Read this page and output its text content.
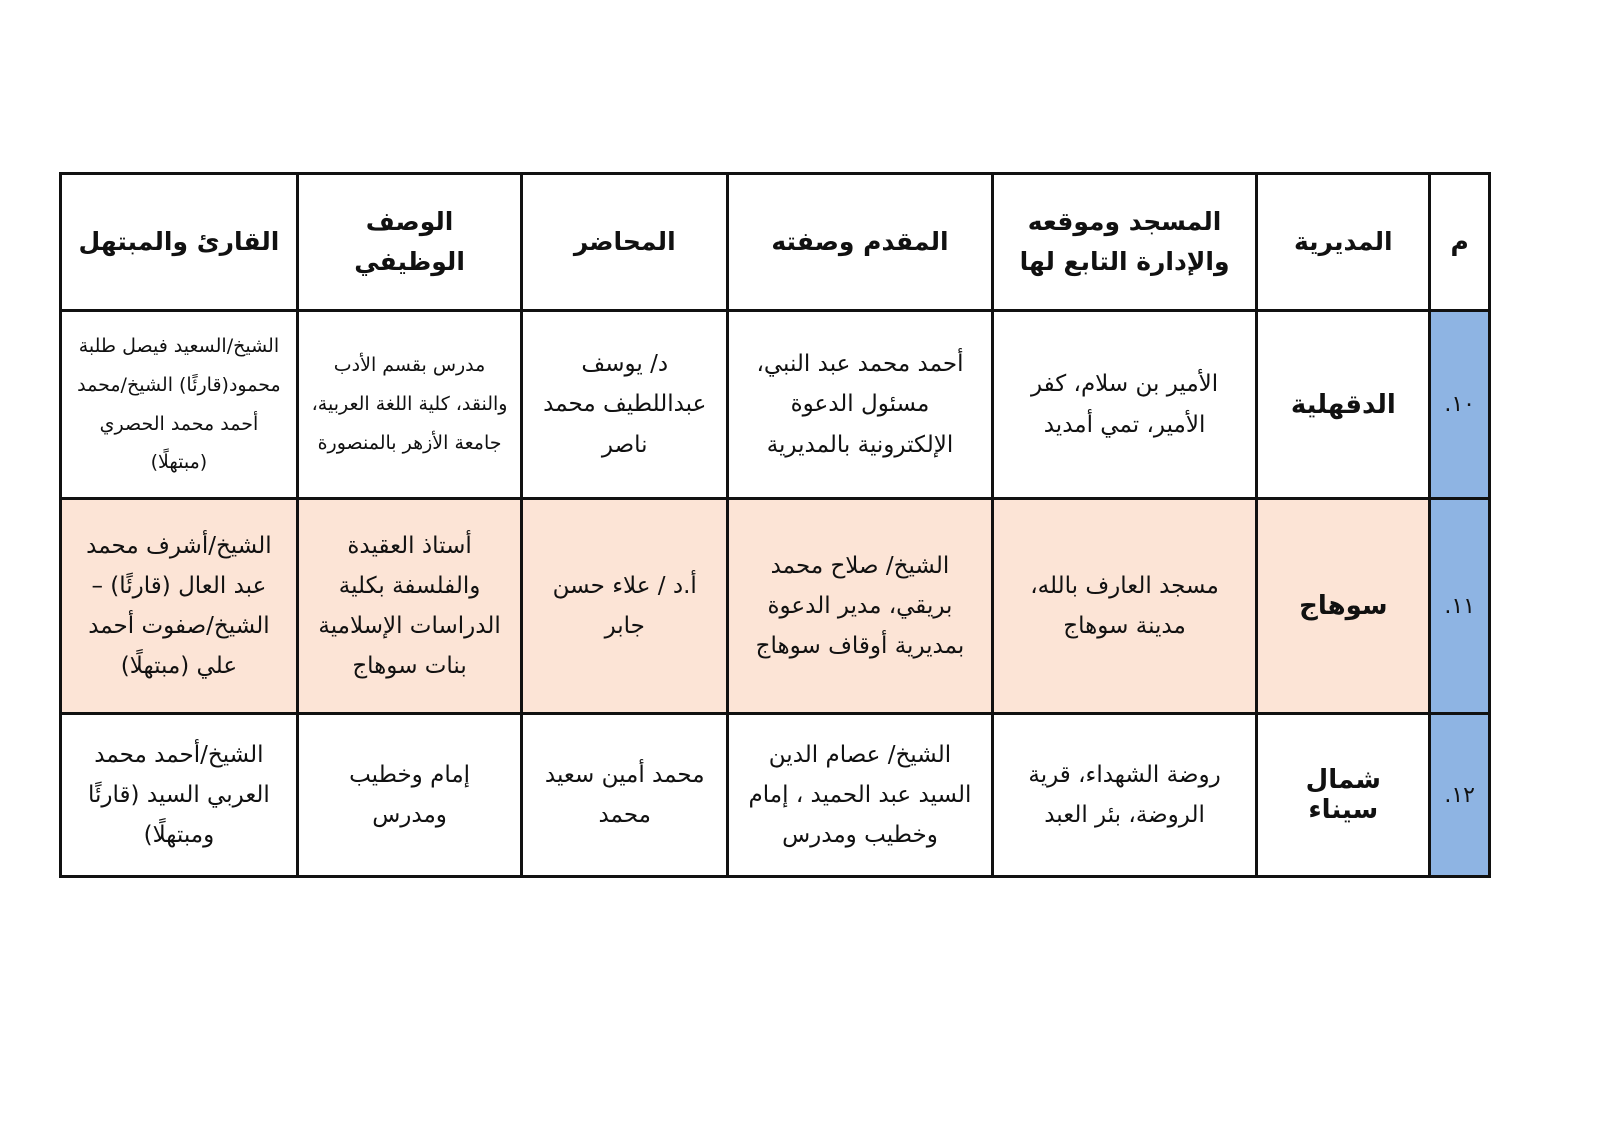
م	المديرية	المسجد وموقعه والإدارة التابع لها	المقدم وصفته	المحاضر	الوصف الوظيفي	القارئ والمبتهل
١٠.	الدقهلية	الأمير بن سلام، كفر الأمير، تمي أمديد	أحمد محمد عبد النبي، مسئول الدعوة الإلكترونية بالمديرية	د/ يوسف عبداللطيف محمد ناصر	مدرس بقسم الأدب والنقد، كلية اللغة العربية، جامعة الأزهر بالمنصورة	الشيخ/السعيد فيصل طلبة محمود(قارئًا) الشيخ/محمد أحمد محمد الحصري (مبتهلًا)
١١.	سوهاج	مسجد العارف بالله، مدينة سوهاج	الشيخ/ صلاح محمد بريقي، مدير الدعوة بمديرية أوقاف سوهاج	أ.د / علاء حسن جابر	أستاذ العقيدة والفلسفة بكلية الدراسات الإسلامية بنات سوهاج	الشيخ/أشرف محمد عبد العال (قارئًا) – الشيخ/صفوت أحمد علي (مبتهلًا)
١٢.	شمال سيناء	روضة الشهداء، قرية الروضة، بئر العبد	الشيخ/ عصام الدين السيد عبد الحميد ، إمام وخطيب ومدرس	محمد أمين سعيد محمد	إمام وخطيب ومدرس	الشيخ/أحمد محمد العربي السيد (قارئًا ومبتهلًا)
